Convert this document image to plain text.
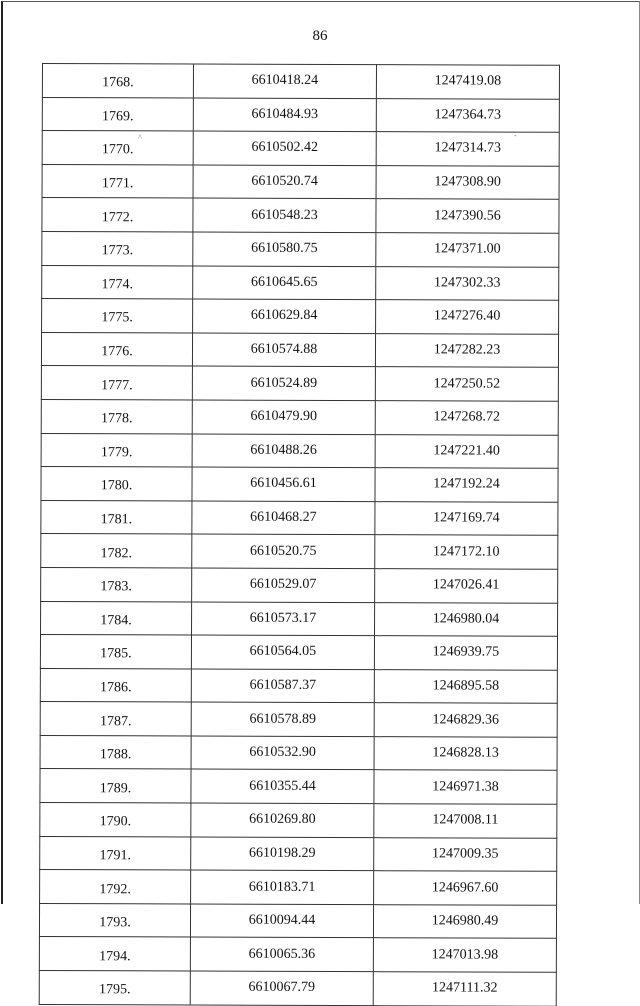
86
1768.	6610418.24	1247419.08
1769.	6610484.93	1247364.73
1770.	6610502.42	1247314.73
1771.	6610520.74	1247308.90
1772.	6610548.23	1247390.56
1773.	6610580.75	1247371.00
1774.	6610645.65	1247302.33
1775.	6610629.84	1247276.40
1776.	6610574.88	1247282.23
1777.	6610524.89	1247250.52
1778.	6610479.90	1247268.72
1779.	6610488.26	1247221.40
1780.	6610456.61	1247192.24
1781.	6610468.27	1247169.74
1782.	6610520.75	1247172.10
1783.	6610529.07	1247026.41
1784.	6610573.17	1246980.04
1785.	6610564.05	1246939.75
1786.	6610587.37	1246895.58
1787.	6610578.89	1246829.36
1788.	6610532.90	1246828.13
1789.	6610355.44	1246971.38
1790.	6610269.80	1247008.11
1791.	6610198.29	1247009.35
1792.	6610183.71	1246967.60
1793.	6610094.44	1246980.49
1794.	6610065.36	1247013.98
1795.	6610067.79	1247111.32
^	-
